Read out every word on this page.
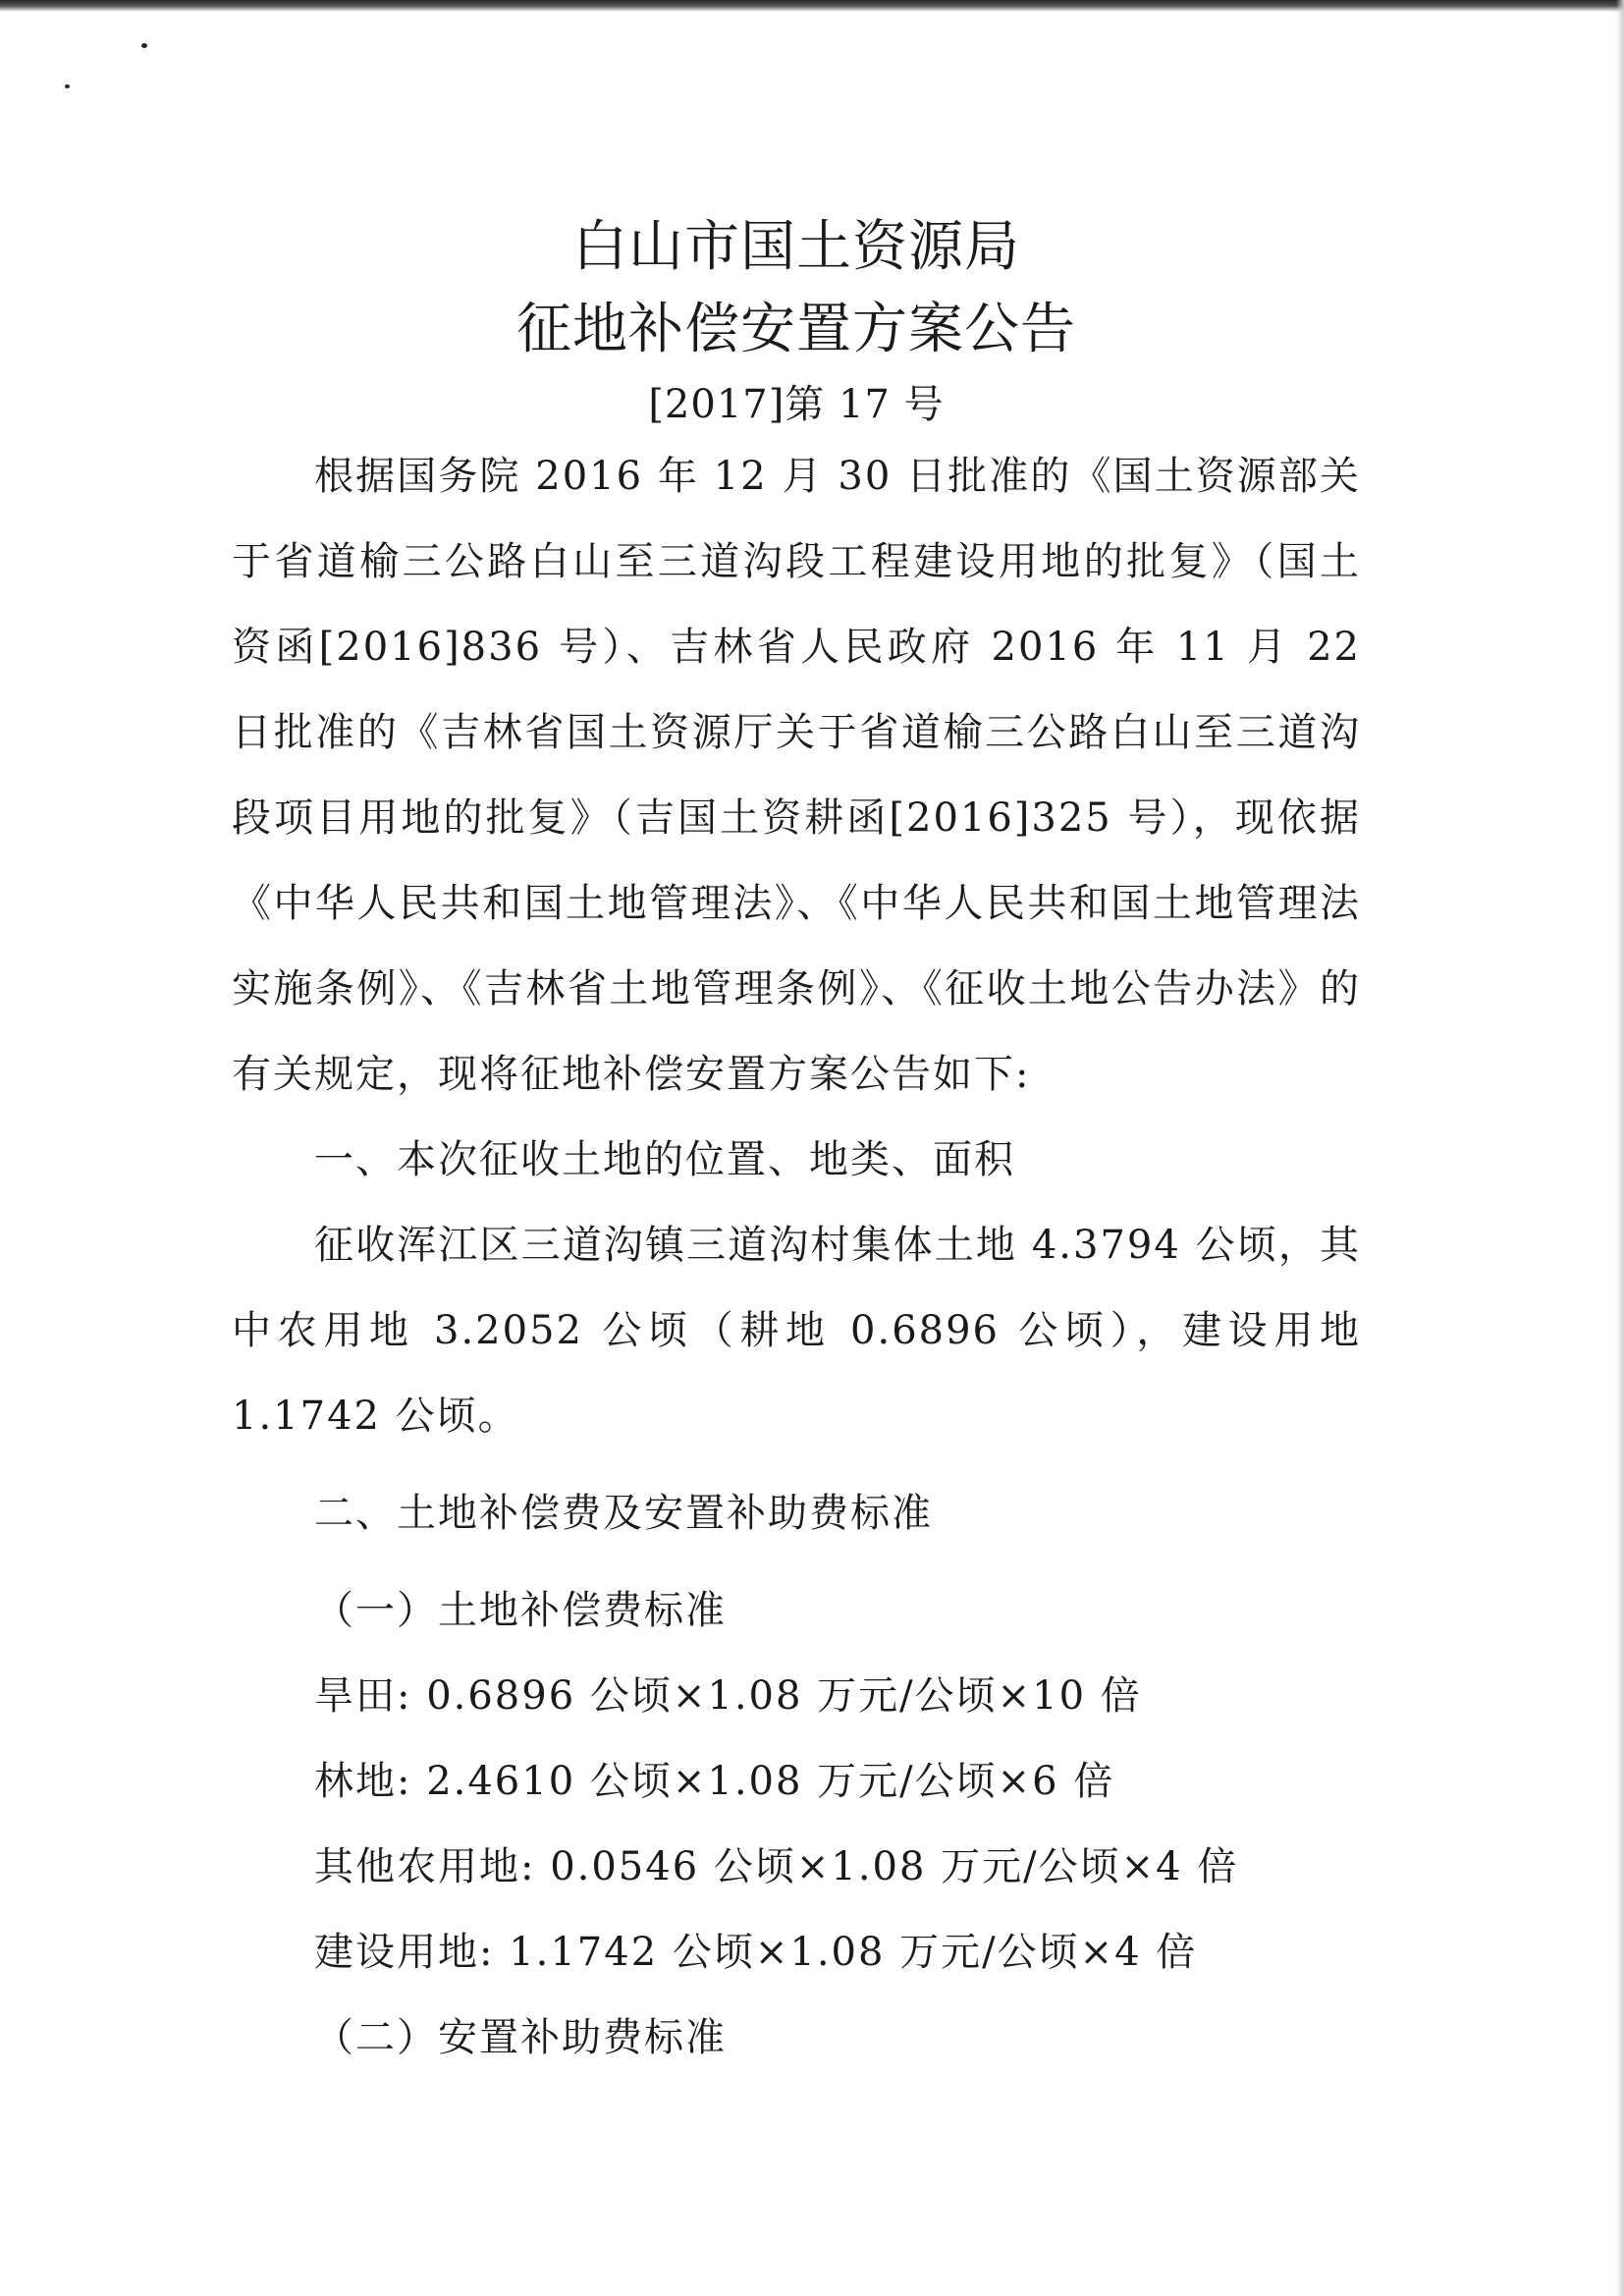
白山市国土资源局
征地补偿安置方案公告
[2017]第 17 号

根据国务院 2016 年 12 月 30 日批准的《国土资源部关于省道榆三公路白山至三道沟段工程建设用地的批复》（国土资函[2016]836 号）、吉林省人民政府 2016 年 11 月 22 日批准的《吉林省国土资源厅关于省道榆三公路白山至三道沟段项目用地的批复》（吉国土资耕函[2016]325 号），现依据《中华人民共和国土地管理法》、《中华人民共和国土地管理法实施条例》、《吉林省土地管理条例》、《征收土地公告办法》的有关规定，现将征地补偿安置方案公告如下:

一、本次征收土地的位置、地类、面积

征收浑江区三道沟镇三道沟村集体土地 4.3794 公顷，其中农用地 3.2052 公顷（耕地 0.6896 公顷），建设用地 1.1742 公顷。

二、土地补偿费及安置补助费标准

（一）土地补偿费标准

旱田: 0.6896 公顷×1.08 万元/公顷×10 倍

林地: 2.4610 公顷×1.08 万元/公顷×6 倍

其他农用地: 0.0546 公顷×1.08 万元/公顷×4 倍

建设用地: 1.1742 公顷×1.08 万元/公顷×4 倍

（二）安置补助费标准
